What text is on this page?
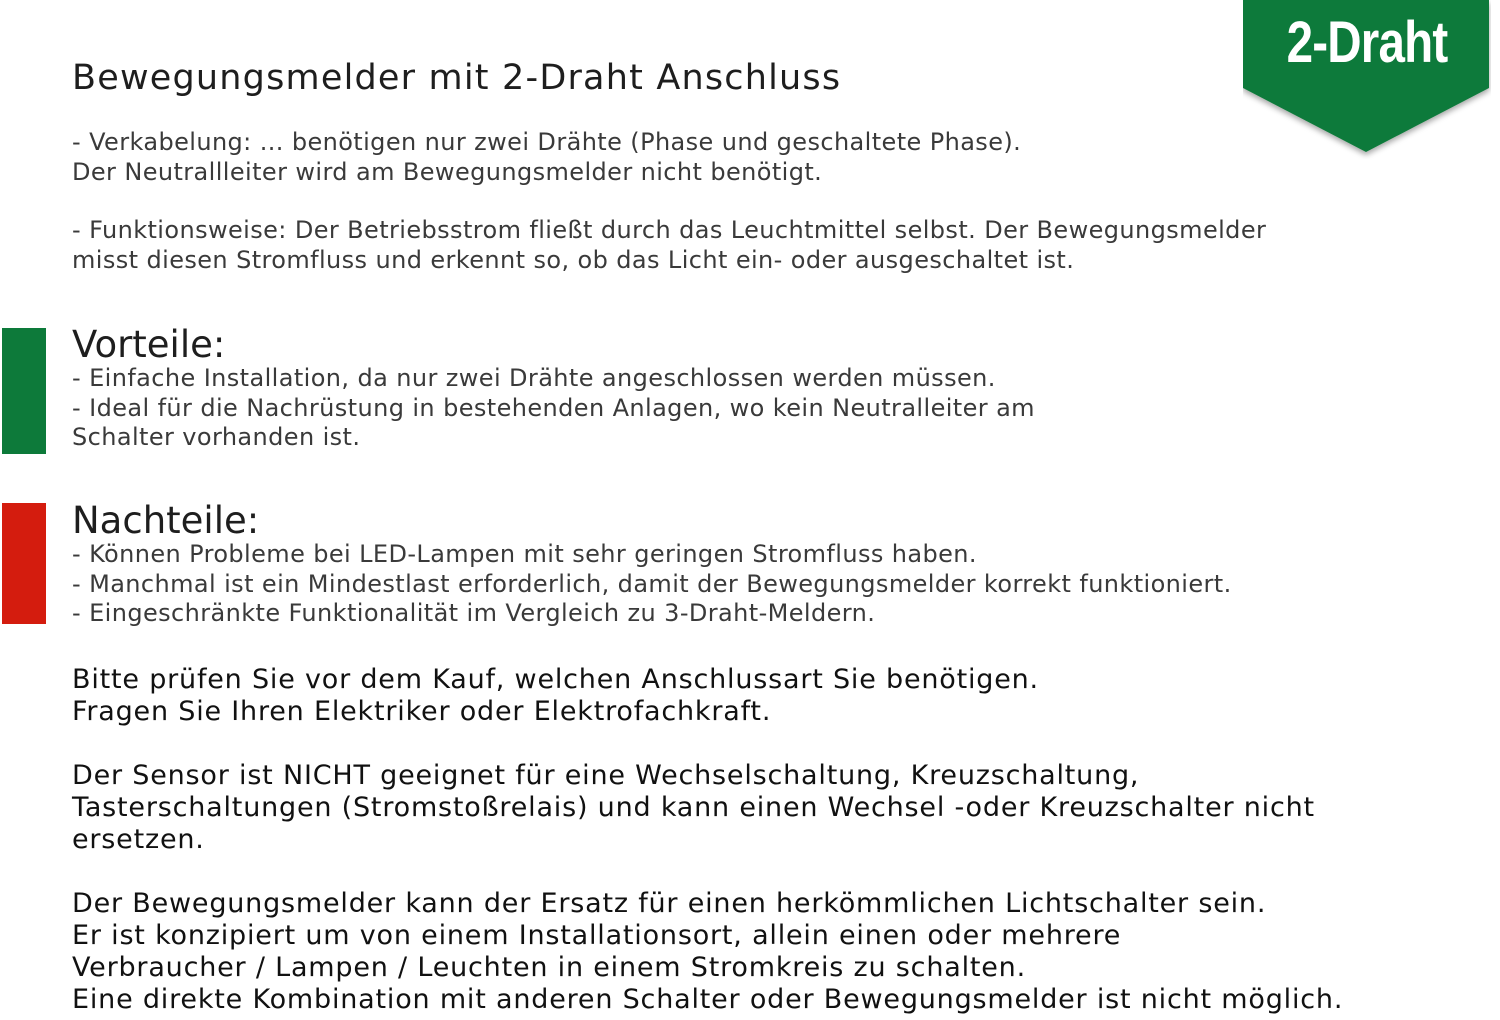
2-Draht
Bewegungsmelder mit 2-Draht Anschluss

- Verkabelung: ... benötigen nur zwei Drähte (Phase und geschaltete Phase).
Der Neutrallleiter wird am Bewegungsmelder nicht benötigt.

- Funktionsweise: Der Betriebsstrom fließt durch das Leuchtmittel selbst. Der Bewegungsmelder
misst diesen Stromfluss und erkennt so, ob das Licht ein- oder ausgeschaltet ist.

Vorteile:

- Einfache Installation, da nur zwei Drähte angeschlossen werden müssen.

- Ideal für die Nachrüstung in bestehenden Anlagen, wo kein Neutralleiter am
Schalter vorhanden ist.

Nachteile:

- Können Probleme bei LED-Lampen mit sehr geringen Stromfluss haben.

- Manchmal ist ein Mindestlast erforderlich, damit der Bewegungsmelder korrekt funktioniert.

- Eingeschränkte Funktionalität im Vergleich zu 3-Draht-Meldern.

Bitte prüfen Sie vor dem Kauf, welchen Anschlussart Sie benötigen.
Fragen Sie Ihren Elektriker oder Elektrofachkraft.

Der Sensor ist NICHT geeignet für eine Wechselschaltung, Kreuzschaltung,
Tasterschaltungen (Stromstoßrelais) und kann einen Wechsel -oder Kreuzschalter nicht
ersetzen.

Der Bewegungsmelder kann der Ersatz für einen herkömmlichen Lichtschalter sein.
Er ist konzipiert um von einem Installationsort, allein einen oder mehrere
Verbraucher / Lampen / Leuchten in einem Stromkreis zu schalten.
Eine direkte Kombination mit anderen Schalter oder Bewegungsmelder ist nicht möglich.
